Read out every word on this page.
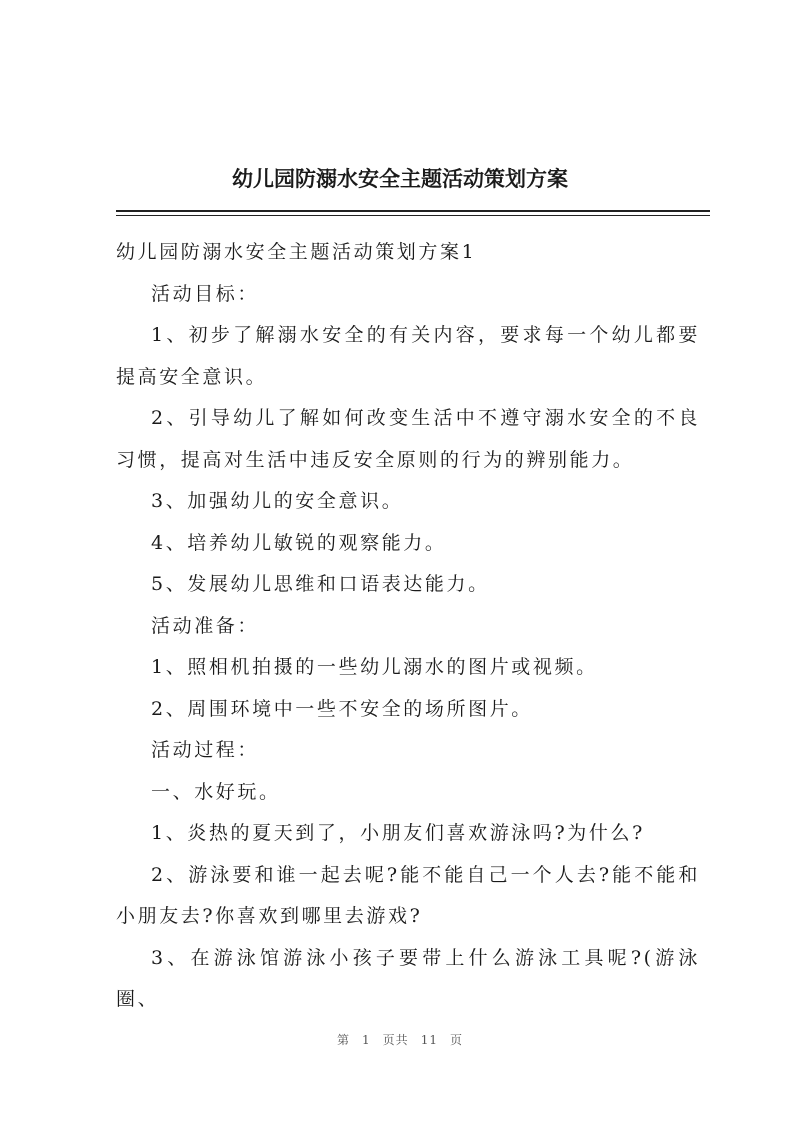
幼儿园防溺水安全主题活动策划方案

幼儿园防溺水安全主题活动策划方案1

活动目标：

1、初步了解溺水安全的有关内容，要求每一个幼儿都要提高安全意识。

2、引导幼儿了解如何改变生活中不遵守溺水安全的不良习惯，提高对生活中违反安全原则的行为的辨别能力。

3、加强幼儿的安全意识。

4、培养幼儿敏锐的观察能力。

5、发展幼儿思维和口语表达能力。

活动准备：

1、照相机拍摄的一些幼儿溺水的图片或视频。

2、周围环境中一些不安全的场所图片。

活动过程：

一、水好玩。

1、炎热的夏天到了，小朋友们喜欢游泳吗?为什么?

2、游泳要和谁一起去呢?能不能自己一个人去?能不能和小朋友去?你喜欢到哪里去游戏?

3、在游泳馆游泳小孩子要带上什么游泳工具呢?(游泳圈、

第 1 页共 11 页
